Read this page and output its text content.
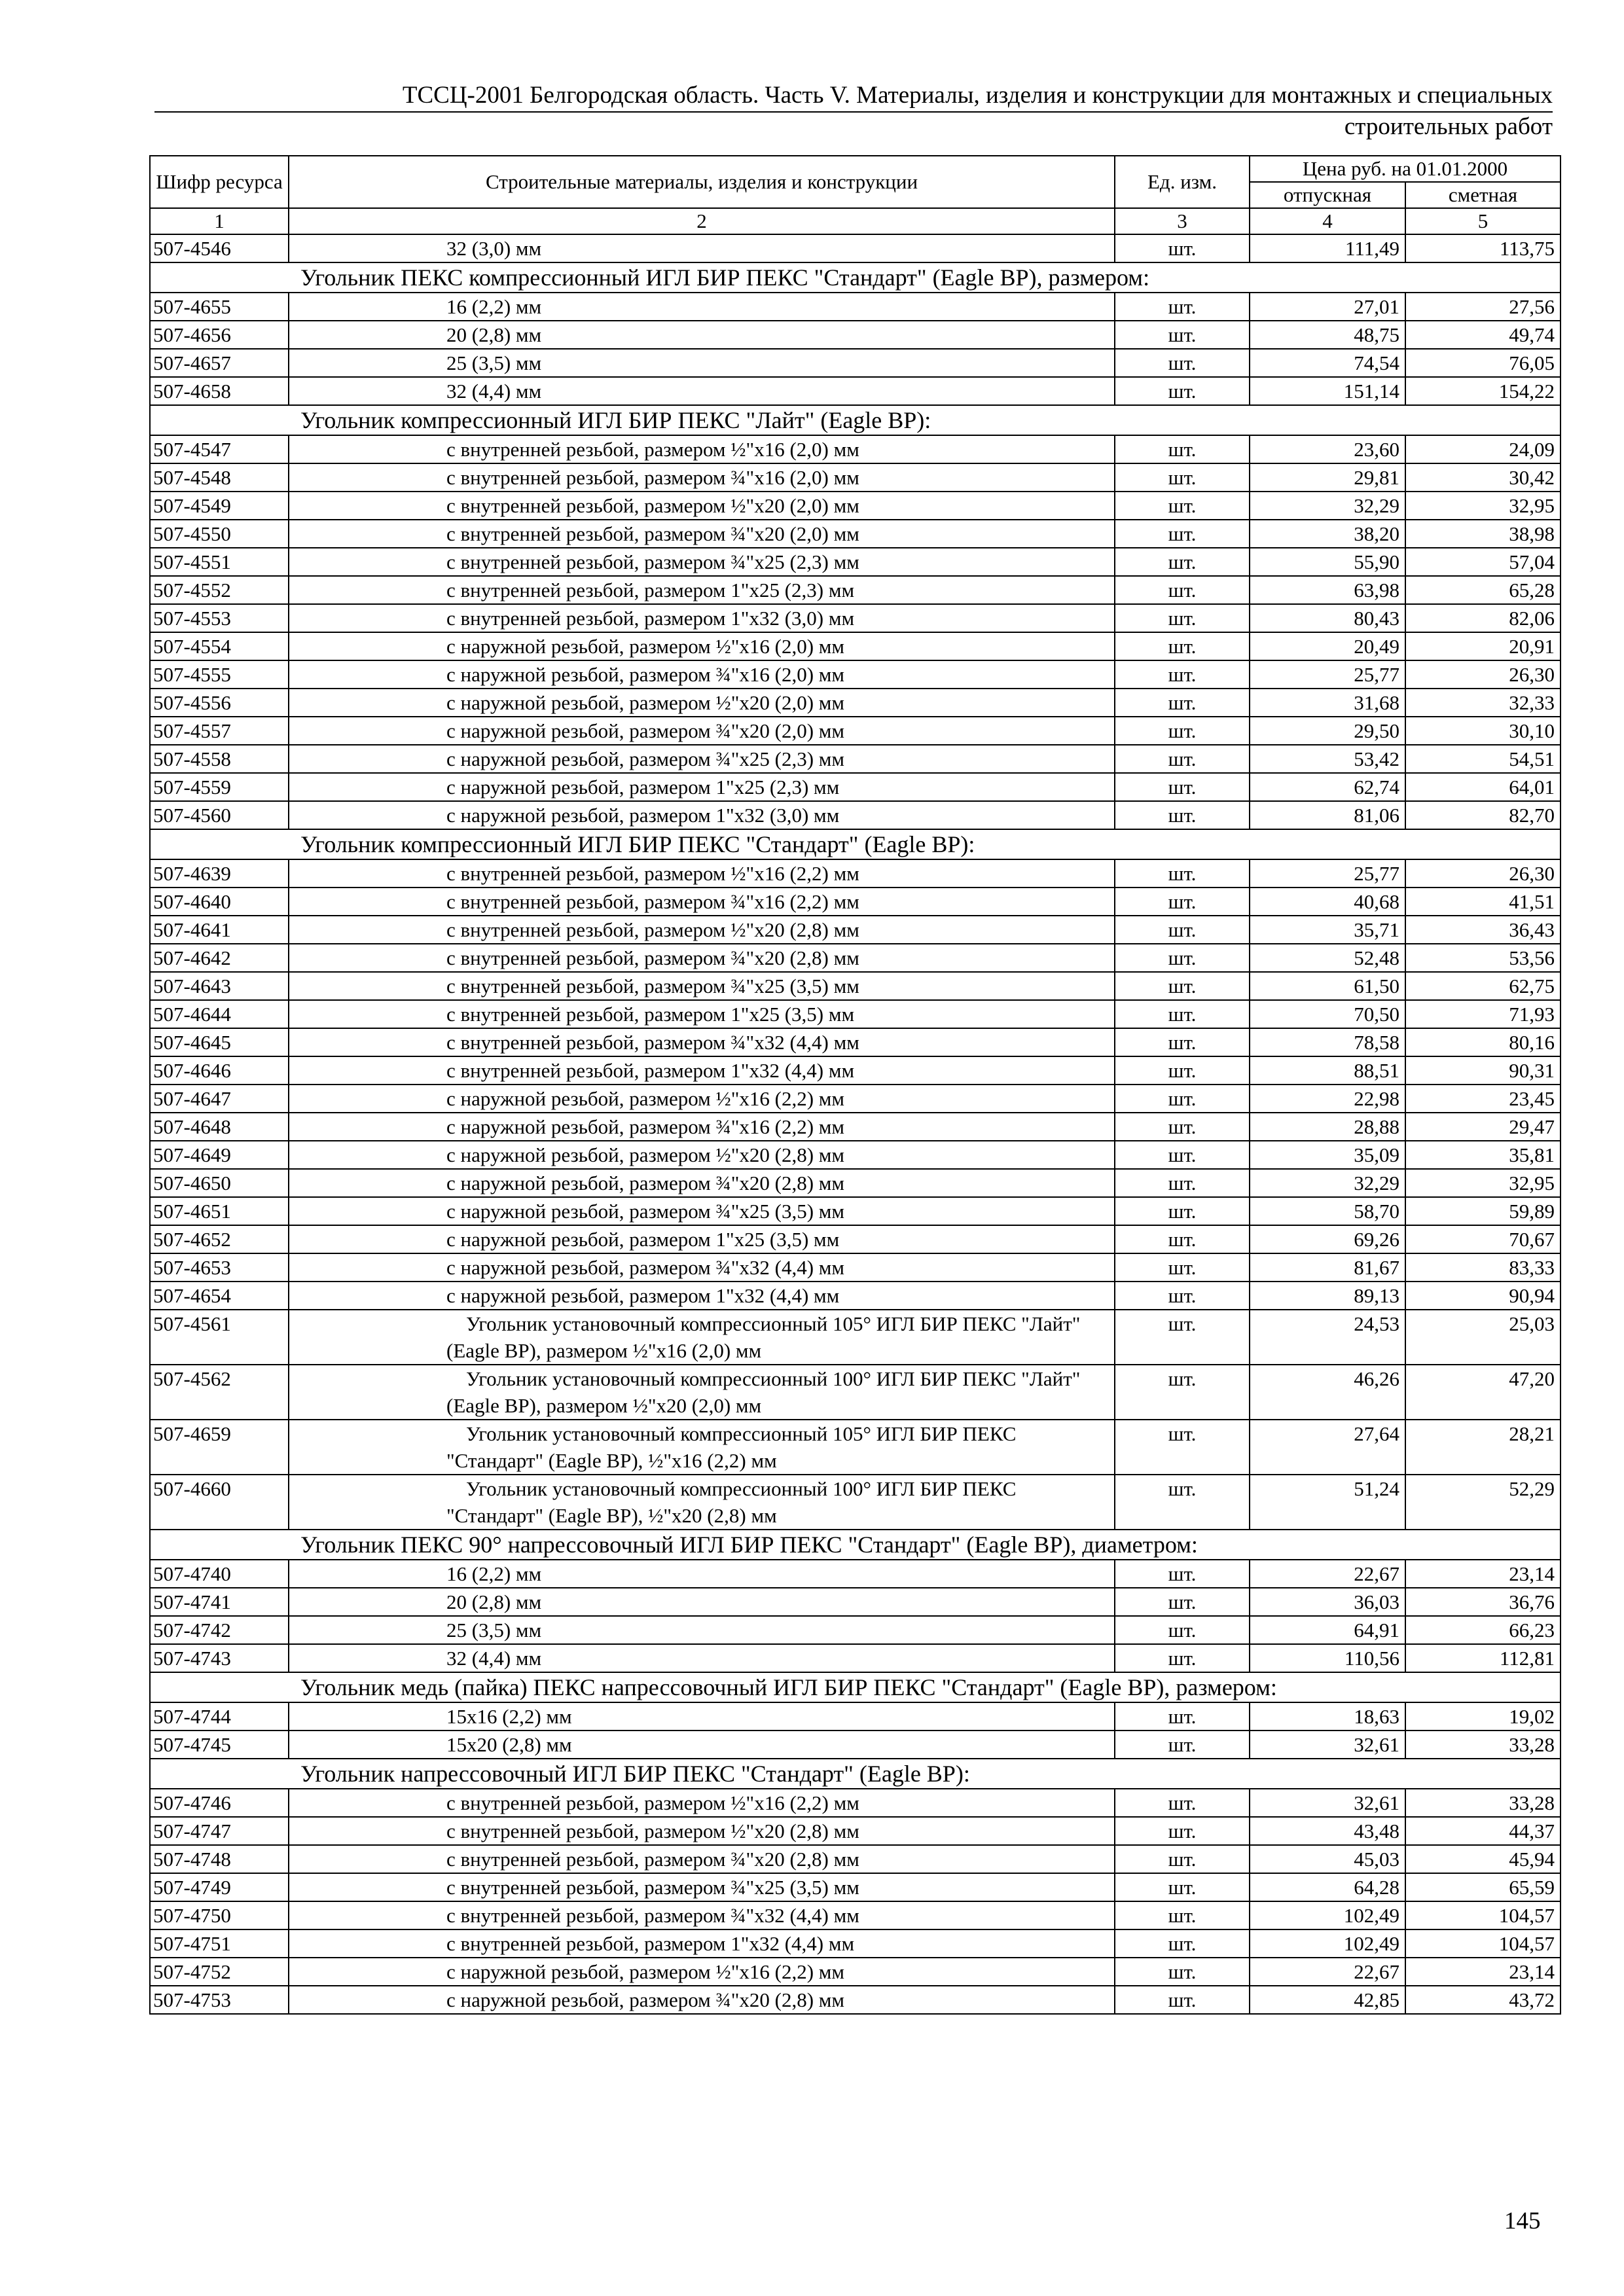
ТССЦ-2001 Белгородская область. Часть V. Материалы, изделия и конструкции для монтажных и специальных
строительных работ
Шифр ресурса	Строительные материалы, изделия и конструкции	Ед. изм.	Цена руб. на 01.01.2000	
			отпускная	сметная
1	2	3	4	5
507-4546	32 (3,0) мм	шт.	111,49	113,75
Угольник ПЕКС компрессионный ИГЛ БИР ПЕКС "Стандарт" (Eagle BP), размером:				
507-4655	16 (2,2) мм	шт.	27,01	27,56
507-4656	20 (2,8) мм	шт.	48,75	49,74
507-4657	25 (3,5) мм	шт.	74,54	76,05
507-4658	32 (4,4) мм	шт.	151,14	154,22
Угольник компрессионный ИГЛ БИР ПЕКС "Лайт" (Eagle BP):				
507-4547	с внутренней резьбой, размером ½"x16 (2,0) мм	шт.	23,60	24,09
507-4548	с внутренней резьбой, размером ¾"x16 (2,0) мм	шт.	29,81	30,42
507-4549	с внутренней резьбой, размером ½"x20 (2,0) мм	шт.	32,29	32,95
507-4550	с внутренней резьбой, размером ¾"x20 (2,0) мм	шт.	38,20	38,98
507-4551	с внутренней резьбой, размером ¾"x25 (2,3) мм	шт.	55,90	57,04
507-4552	с внутренней резьбой, размером 1"x25 (2,3) мм	шт.	63,98	65,28
507-4553	с внутренней резьбой, размером 1"x32 (3,0) мм	шт.	80,43	82,06
507-4554	с наружной резьбой, размером ½"x16 (2,0) мм	шт.	20,49	20,91
507-4555	с наружной резьбой, размером ¾"x16 (2,0) мм	шт.	25,77	26,30
507-4556	с наружной резьбой, размером ½"x20 (2,0) мм	шт.	31,68	32,33
507-4557	с наружной резьбой, размером ¾"x20 (2,0) мм	шт.	29,50	30,10
507-4558	с наружной резьбой, размером ¾"x25 (2,3) мм	шт.	53,42	54,51
507-4559	с наружной резьбой, размером 1"x25 (2,3) мм	шт.	62,74	64,01
507-4560	с наружной резьбой, размером 1"x32 (3,0) мм	шт.	81,06	82,70
Угольник компрессионный ИГЛ БИР ПЕКС "Стандарт" (Eagle BP):				
507-4639	с внутренней резьбой, размером ½"x16 (2,2) мм	шт.	25,77	26,30
507-4640	с внутренней резьбой, размером ¾"x16 (2,2) мм	шт.	40,68	41,51
507-4641	с внутренней резьбой, размером ½"x20 (2,8) мм	шт.	35,71	36,43
507-4642	с внутренней резьбой, размером ¾"x20 (2,8) мм	шт.	52,48	53,56
507-4643	с внутренней резьбой, размером ¾"x25 (3,5) мм	шт.	61,50	62,75
507-4644	с внутренней резьбой, размером 1"x25 (3,5) мм	шт.	70,50	71,93
507-4645	с внутренней резьбой, размером ¾"x32 (4,4) мм	шт.	78,58	80,16
507-4646	с внутренней резьбой, размером 1"x32 (4,4) мм	шт.	88,51	90,31
507-4647	с наружной резьбой, размером ½"x16 (2,2) мм	шт.	22,98	23,45
507-4648	с наружной резьбой, размером ¾"x16 (2,2) мм	шт.	28,88	29,47
507-4649	с наружной резьбой, размером ½"x20 (2,8) мм	шт.	35,09	35,81
507-4650	с наружной резьбой, размером ¾"x20 (2,8) мм	шт.	32,29	32,95
507-4651	с наружной резьбой, размером ¾"x25 (3,5) мм	шт.	58,70	59,89
507-4652	с наружной резьбой, размером 1"x25 (3,5) мм	шт.	69,26	70,67
507-4653	с наружной резьбой, размером ¾"x32 (4,4) мм	шт.	81,67	83,33
507-4654	с наружной резьбой, размером 1"x32 (4,4) мм	шт.	89,13	90,94
507-4561	Угольник установочный компрессионный 105° ИГЛ БИР ПЕКС "Лайт"
(Eagle BP), размером ½"x16 (2,0) мм	шт.	24,53	25,03
507-4562	Угольник установочный компрессионный 100° ИГЛ БИР ПЕКС "Лайт"
(Eagle BP), размером ½"x20 (2,0) мм	шт.	46,26	47,20
507-4659	Угольник установочный компрессионный 105° ИГЛ БИР ПЕКС
"Стандарт" (Eagle BP), ½"x16 (2,2) мм	шт.	27,64	28,21
507-4660	Угольник установочный компрессионный 100° ИГЛ БИР ПЕКС
"Стандарт" (Eagle BP), ½"x20 (2,8) мм	шт.	51,24	52,29
Угольник ПЕКС 90° напрессовочный ИГЛ БИР ПЕКС "Стандарт" (Eagle BP), диаметром:				
507-4740	16 (2,2) мм	шт.	22,67	23,14
507-4741	20 (2,8) мм	шт.	36,03	36,76
507-4742	25 (3,5) мм	шт.	64,91	66,23
507-4743	32 (4,4) мм	шт.	110,56	112,81
Угольник медь (пайка) ПЕКС напрессовочный ИГЛ БИР ПЕКС "Стандарт" (Eagle BP), размером:				
507-4744	15x16 (2,2) мм	шт.	18,63	19,02
507-4745	15x20 (2,8) мм	шт.	32,61	33,28
Угольник напрессовочный ИГЛ БИР ПЕКС "Стандарт" (Eagle BP):				
507-4746	с внутренней резьбой, размером ½"x16 (2,2) мм	шт.	32,61	33,28
507-4747	с внутренней резьбой, размером ½"x20 (2,8) мм	шт.	43,48	44,37
507-4748	с внутренней резьбой, размером ¾"x20 (2,8) мм	шт.	45,03	45,94
507-4749	с внутренней резьбой, размером ¾"x25 (3,5) мм	шт.	64,28	65,59
507-4750	с внутренней резьбой, размером ¾"x32 (4,4) мм	шт.	102,49	104,57
507-4751	с внутренней резьбой, размером 1"x32 (4,4) мм	шт.	102,49	104,57
507-4752	с наружной резьбой, размером ½"x16 (2,2) мм	шт.	22,67	23,14
507-4753	с наружной резьбой, размером ¾"x20 (2,8) мм	шт.	42,85	43,72
145
